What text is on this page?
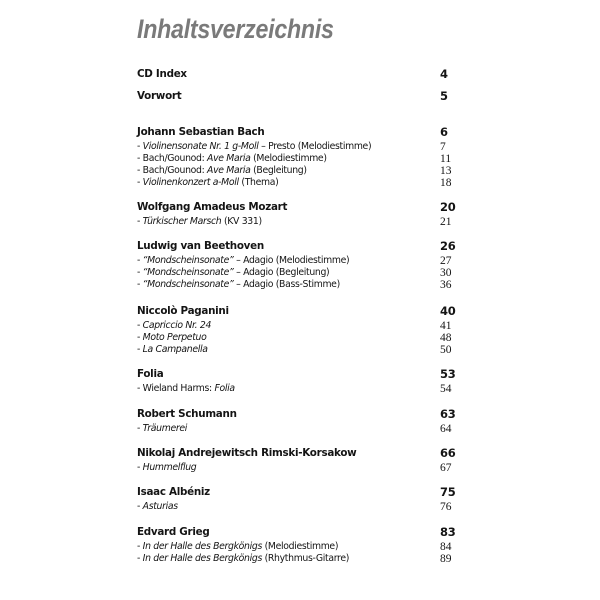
Inhaltsverzeichnis
CD Index	4
Vorwort	5
Johann Sebastian Bach	6
- Violinensonate Nr. 1 g-Moll – Presto (Melodiestimme)	7
- Bach/Gounod: Ave Maria (Melodiestimme)	11
- Bach/Gounod: Ave Maria (Begleitung)	13
- Violinenkonzert a-Moll (Thema)	18
Wolfgang Amadeus Mozart	20
- Türkischer Marsch (KV 331)	21
Ludwig van Beethoven	26
- “Mondscheinsonate” – Adagio (Melodiestimme)	27
- “Mondscheinsonate” – Adagio (Begleitung)	30
- “Mondscheinsonate” – Adagio (Bass-Stimme)	36
Niccolò Paganini	40
- Capriccio Nr. 24	41
- Moto Perpetuo	48
- La Campanella	50
Folia	53
- Wieland Harms: Folia	54
Robert Schumann	63
- Träumerei	64
Nikolaj Andrejewitsch Rimski-Korsakow	66
- Hummelflug	67
Isaac Albéniz	75
- Asturias	76
Edvard Grieg	83
- In der Halle des Bergkönigs (Melodiestimme)	84
- In der Halle des Bergkönigs (Rhythmus-Gitarre)	89
